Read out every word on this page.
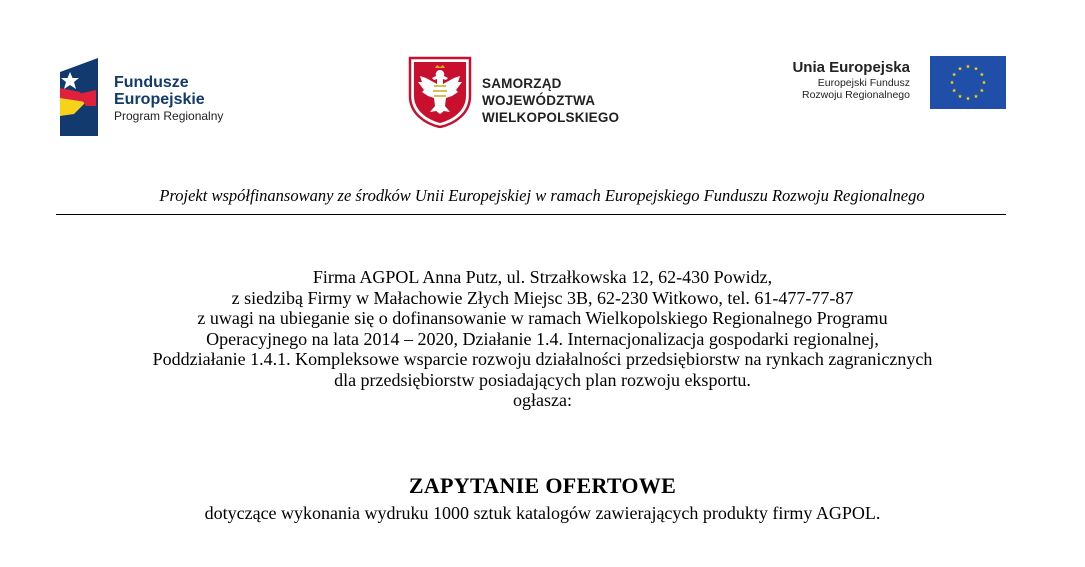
Fundusze
Europejskie
Program Regionalny
SAMORZĄD WOJEWÓDZTWA
WIELKOPOLSKIEGO
Unia Europejska
Europejski Fundusz
Rozwoju Regionalnego
Projekt współfinansowany ze środków Unii Europejskiej w ramach Europejskiego Funduszu Rozwoju Regionalnego

Firma AGPOL Anna Putz, ul. Strzałkowska 12, 62-430 Powidz,

z siedzibą Firmy w Małachowie Złych Miejsc 3B, 62-230 Witkowo, tel. 61-477-77-87

z uwagi na ubieganie się o dofinansowanie w ramach Wielkopolskiego Regionalnego Programu

Operacyjnego na lata 2014 – 2020, Działanie 1.4. Internacjonalizacja gospodarki regionalnej,

Poddziałanie 1.4.1. Kompleksowe wsparcie rozwoju działalności przedsiębiorstw na rynkach zagranicznych

dla przedsiębiorstw posiadających plan rozwoju eksportu.

ogłasza:

ZAPYTANIE OFERTOWE
dotyczące wykonania wydruku 1000 sztuk katalogów zawierających produkty firmy AGPOL.
